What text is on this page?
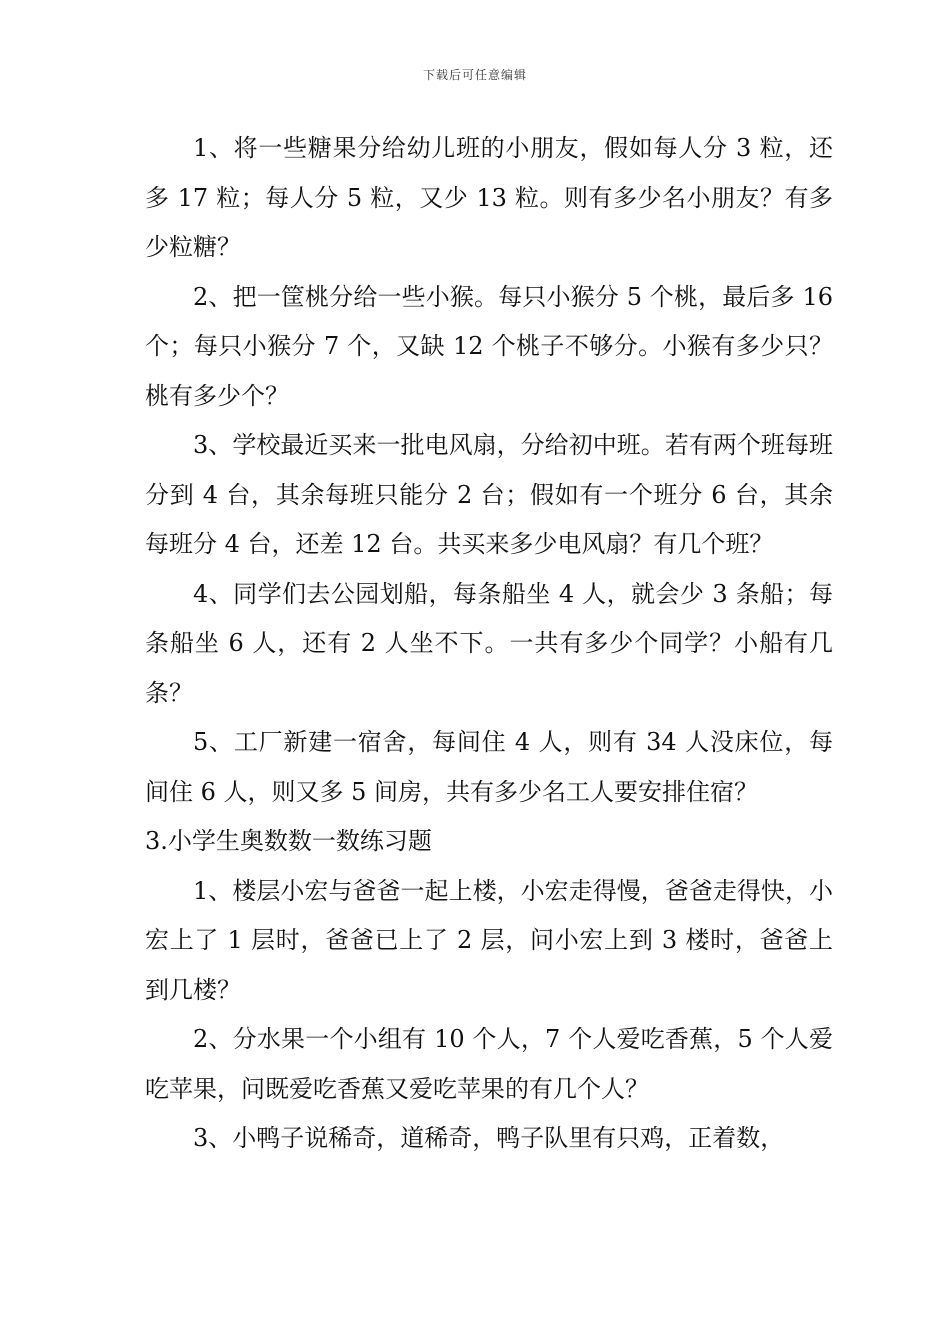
下载后可任意编辑

1、将一些糖果分给幼儿班的小朋友，假如每人分 3 粒，还多 17 粒；每人分 5 粒，又少 13 粒。则有多少名小朋友？有多少粒糖？

2、把一筐桃分给一些小猴。每只小猴分 5 个桃，最后多 16 个；每只小猴分 7 个，又缺 12 个桃子不够分。小猴有多少只？桃有多少个？

3、学校最近买来一批电风扇，分给初中班。若有两个班每班分到 4 台，其余每班只能分 2 台；假如有一个班分 6 台，其余每班分 4 台，还差 12 台。共买来多少电风扇？有几个班？

4、同学们去公园划船，每条船坐 4 人，就会少 3 条船；每条船坐 6 人，还有 2 人坐不下。一共有多少个同学？小船有几条？

5、工厂新建一宿舍，每间住 4 人，则有 34 人没床位，每间住 6 人，则又多 5 间房，共有多少名工人要安排住宿？

3.小学生奥数数一数练习题

1、楼层小宏与爸爸一起上楼，小宏走得慢，爸爸走得快，小宏上了 1 层时，爸爸已上了 2 层，问小宏上到 3 楼时，爸爸上到几楼？

2、分水果一个小组有 10 个人，7 个人爱吃香蕉，5 个人爱吃苹果，问既爱吃香蕉又爱吃苹果的有几个人？

3、小鸭子说稀奇，道稀奇，鸭子队里有只鸡，正着数，
